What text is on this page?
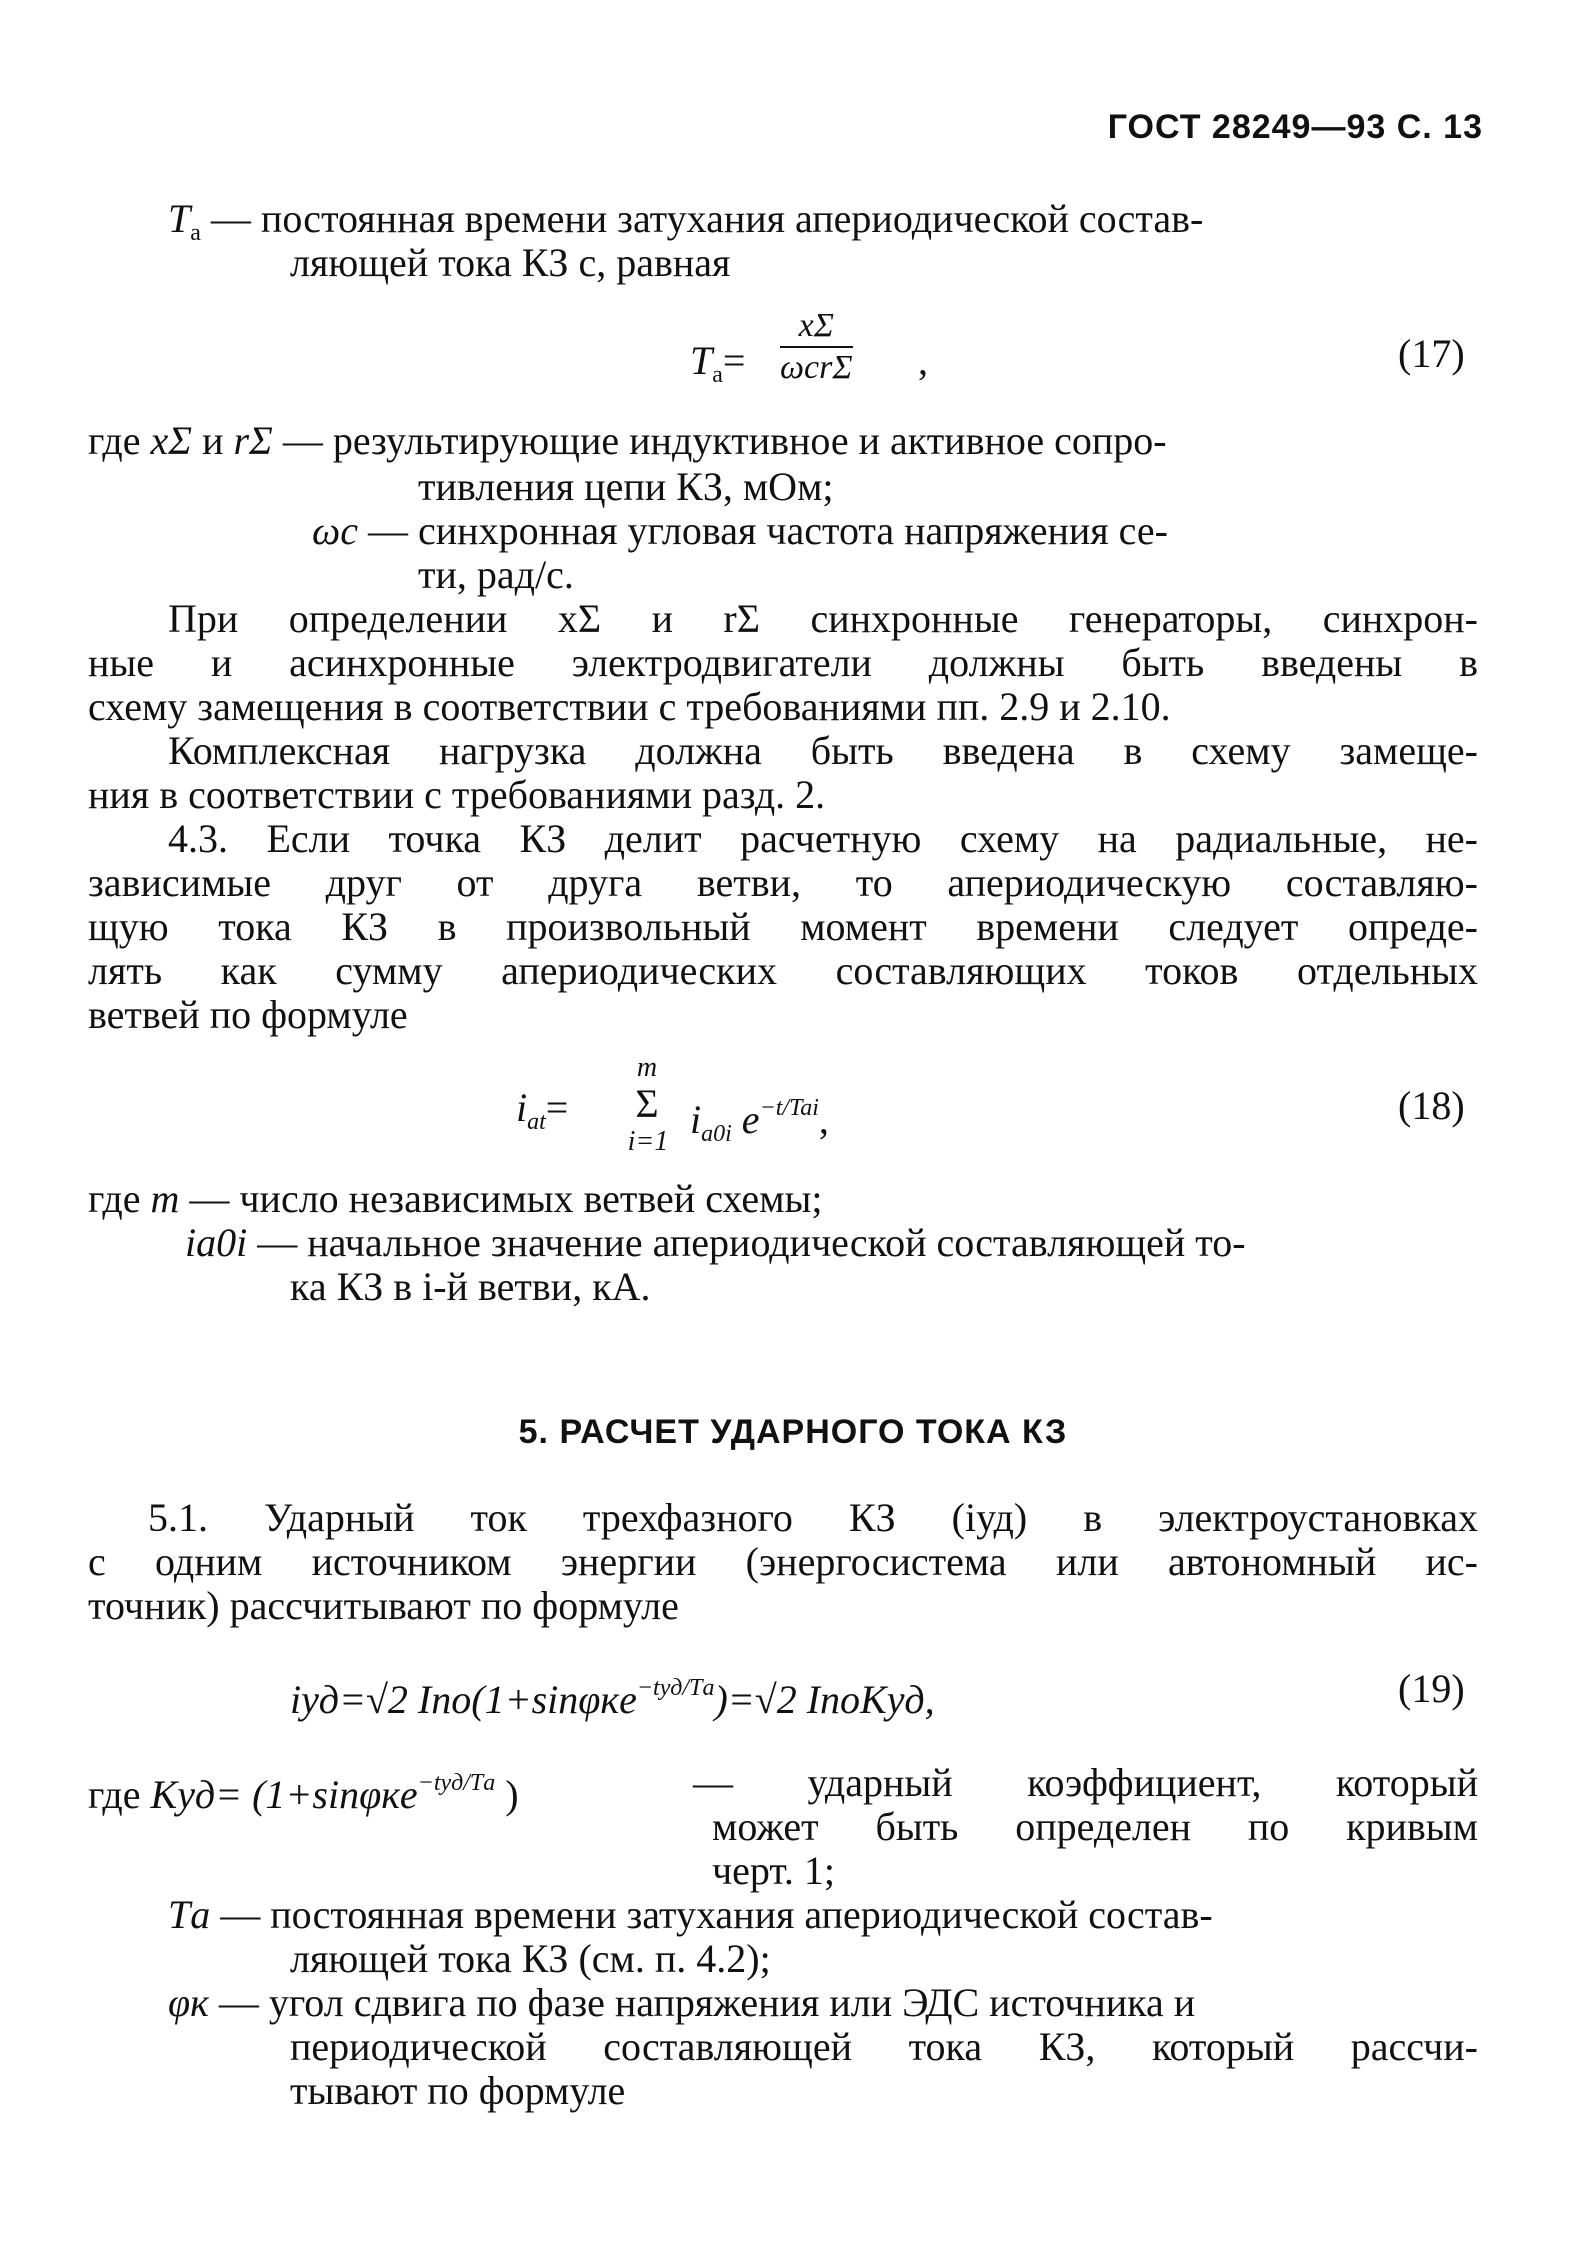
ГОСТ 28249—93 С. 13
$T_а$ — постоянная времени затухания апериодической состав-
ляющей тока КЗ с, равная
$T_а=$
xΣ
ωcrΣ ,	(17)
где xΣ и rΣ — результирующие индуктивное и активное сопро-
тивления цепи КЗ, мОм;
ωc — синхронная угловая частота напряжения се-
ти, рад/с.
При определении xΣ и rΣ синхронные генераторы, синхрон-
ные и асинхронные электродвигатели должны быть введены в
схему замещения в соответствии с требованиями пп. 2.9 и 2.10.
Комплексная нагрузка должна быть введена в схему замеще-
ния в соответствии с требованиями разд. 2.
4.3. Если точка КЗ делит расчетную схему на радиальные, не-
зависимые друг от друга ветви, то апериодическую составляю-
щую тока КЗ в произвольный момент времени следует опреде-
лять как сумму апериодических составляющих токов отдельных
ветвей по формуле
$i_{at}=$
m
Σ
i=1 $i_{a0i}$ $e^{-t/Tai}$,	(18)
где m — число независимых ветвей схемы;
ia0i — начальное значение апериодической составляющей то-
ка КЗ в i-й ветви, кА.
5. РАСЧЕТ УДАРНОГО ТОКА КЗ
5.1. Ударный ток трехфазного КЗ (iуд) в электроустановках
с одним источником энергии (энергосистема или автономный ис-
точник) рассчитывают по формуле
iуд=√2 Iпо(1+sinφкe$^{-tуд/Tа}$)=√2 IпоKуд,	(19)
где Kуд= (1+sinφкe$^{-tуд/Tа}$ )	— ударный коэффициент, который
может быть определен по кривым
черт. 1;
Tа — постоянная времени затухания апериодической состав-
ляющей тока КЗ (см. п. 4.2);
φк — угол сдвига по фазе напряжения или ЭДС источника и
периодической составляющей тока КЗ, который рассчи-
тывают по формуле
